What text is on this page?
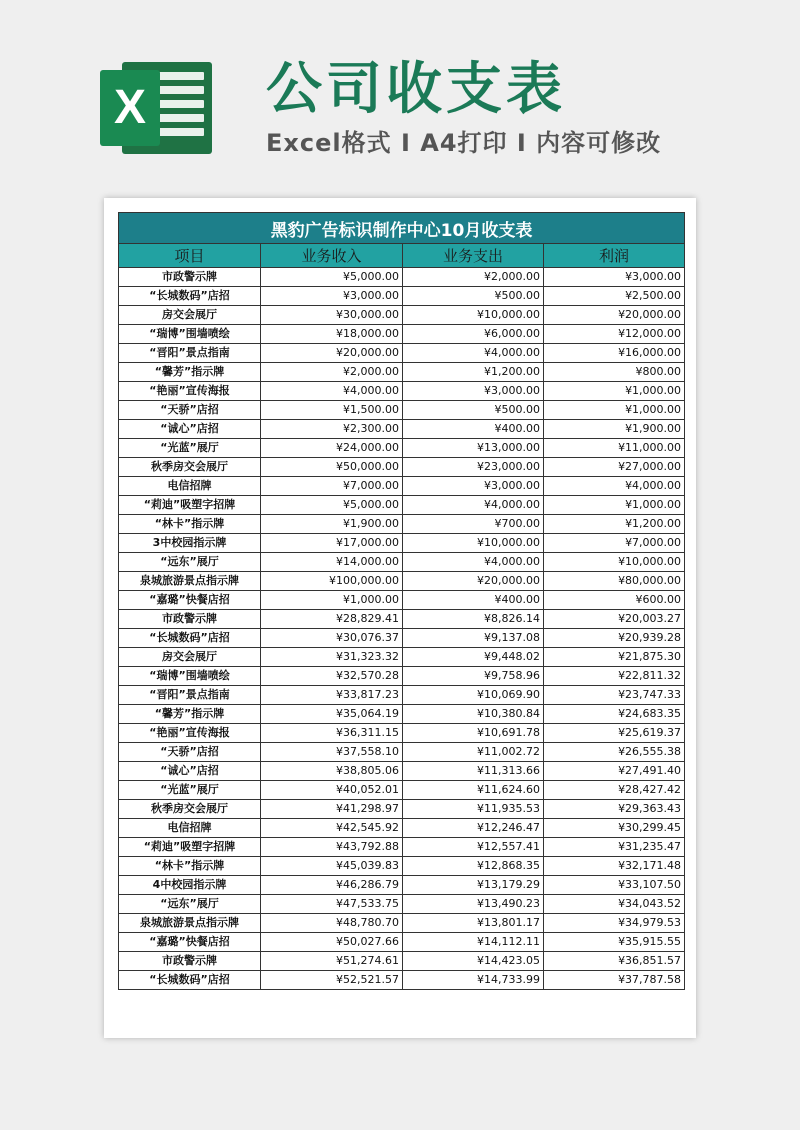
X 公司收支表
Excel格式 I A4打印 I 内容可修改
黑豹广告标识制作中心10月收支表			
项目	业务收入	业务支出	利润
市政警示牌	¥5,000.00	¥2,000.00	¥3,000.00
“长城数码”店招	¥3,000.00	¥500.00	¥2,500.00
房交会展厅	¥30,000.00	¥10,000.00	¥20,000.00
“瑞博”围墙喷绘	¥18,000.00	¥6,000.00	¥12,000.00
“晋阳”景点指南	¥20,000.00	¥4,000.00	¥16,000.00
“馨芳”指示牌	¥2,000.00	¥1,200.00	¥800.00
“艳丽”宣传海报	¥4,000.00	¥3,000.00	¥1,000.00
“天骄”店招	¥1,500.00	¥500.00	¥1,000.00
“诚心”店招	¥2,300.00	¥400.00	¥1,900.00
“光蓝”展厅	¥24,000.00	¥13,000.00	¥11,000.00
秋季房交会展厅	¥50,000.00	¥23,000.00	¥27,000.00
电信招牌	¥7,000.00	¥3,000.00	¥4,000.00
“莉迪”吸塑字招牌	¥5,000.00	¥4,000.00	¥1,000.00
“林卡”指示牌	¥1,900.00	¥700.00	¥1,200.00
3中校园指示牌	¥17,000.00	¥10,000.00	¥7,000.00
“远东”展厅	¥14,000.00	¥4,000.00	¥10,000.00
泉城旅游景点指示牌	¥100,000.00	¥20,000.00	¥80,000.00
“嘉璐”快餐店招	¥1,000.00	¥400.00	¥600.00
市政警示牌	¥28,829.41	¥8,826.14	¥20,003.27
“长城数码”店招	¥30,076.37	¥9,137.08	¥20,939.28
房交会展厅	¥31,323.32	¥9,448.02	¥21,875.30
“瑞博”围墙喷绘	¥32,570.28	¥9,758.96	¥22,811.32
“晋阳”景点指南	¥33,817.23	¥10,069.90	¥23,747.33
“馨芳”指示牌	¥35,064.19	¥10,380.84	¥24,683.35
“艳丽”宣传海报	¥36,311.15	¥10,691.78	¥25,619.37
“天骄”店招	¥37,558.10	¥11,002.72	¥26,555.38
“诚心”店招	¥38,805.06	¥11,313.66	¥27,491.40
“光蓝”展厅	¥40,052.01	¥11,624.60	¥28,427.42
秋季房交会展厅	¥41,298.97	¥11,935.53	¥29,363.43
电信招牌	¥42,545.92	¥12,246.47	¥30,299.45
“莉迪”吸塑字招牌	¥43,792.88	¥12,557.41	¥31,235.47
“林卡”指示牌	¥45,039.83	¥12,868.35	¥32,171.48
4中校园指示牌	¥46,286.79	¥13,179.29	¥33,107.50
“远东”展厅	¥47,533.75	¥13,490.23	¥34,043.52
泉城旅游景点指示牌	¥48,780.70	¥13,801.17	¥34,979.53
“嘉璐”快餐店招	¥50,027.66	¥14,112.11	¥35,915.55
市政警示牌	¥51,274.61	¥14,423.05	¥36,851.57
“长城数码”店招	¥52,521.57	¥14,733.99	¥37,787.58
